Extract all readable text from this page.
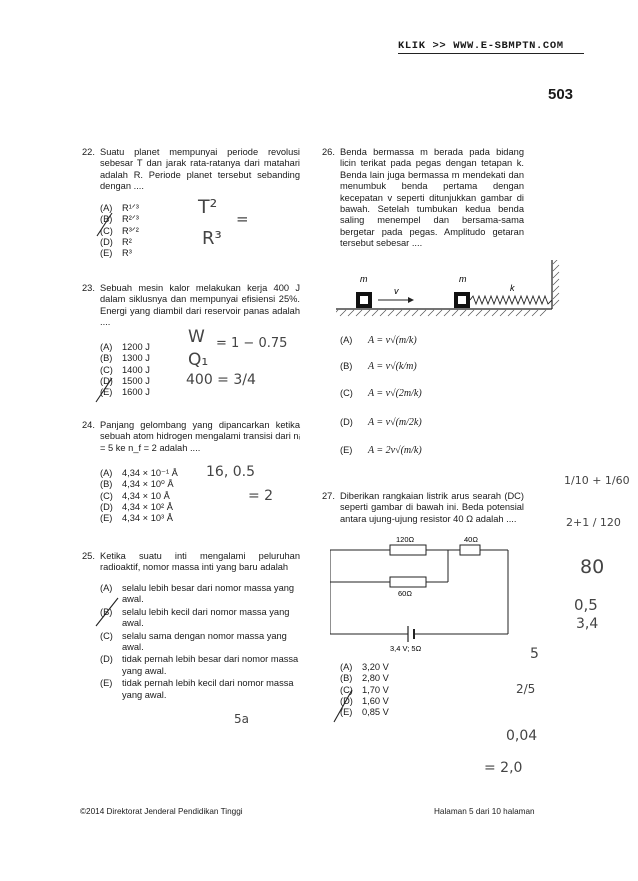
KLIK >> WWW.E-SBMPTN.COM
503
22. Suatu planet mempunyai periode revolusi sebesar T dan jarak rata-ratanya dari matahari adalah R. Periode planet tersebut sebanding dengan ....
(A) R¹ᐟ³
(B) R²ᐟ³
(C) R³ᐟ²
(D) R²
(E) R³
23. Sebuah mesin kalor melakukan kerja 400 J dalam siklusnya dan mempunyai efisiensi 25%. Energi yang diambil dari reservoir panas adalah ....
(A) 1200 J
(B) 1300 J
(C) 1400 J
(D) 1500 J
(E) 1600 J
24. Panjang gelombang yang dipancarkan ketika sebuah atom hidrogen mengalami transisi dari nᵢ = 5 ke n_f = 2 adalah ....
(A) 4,34 × 10⁻¹ Å
(B) 4,34 × 10⁰ Å
(C) 4,34 × 10 Å
(D) 4,34 × 10² Å
(E) 4,34 × 10³ Å
25. Ketika suatu inti mengalami peluruhan radioaktif, nomor massa inti yang baru adalah
(A)	selalu lebih besar dari nomor massa yang awal.
(B)	selalu lebih kecil dari nomor massa yang awal.
(C) selalu sama dengan nomor massa yang awal.
(D) tidak pernah lebih besar dari nomor massa yang awal.
(E)	tidak pernah lebih kecil dari nomor massa yang awal.
26. Benda bermassa m berada pada bidang licin terikat pada pegas dengan tetapan k. Benda lain juga bermassa m mendekati dan menumbuk benda pertama dengan kecepatan v seperti ditunjukkan gambar di bawah. Setelah tumbukan kedua benda saling menempel dan bersama-sama bergetar pada pegas. Amplitudo getaran tersebut sebesar ....
m
v
m
k
(A) A = v√(m/k)
(B) A = v√(k/m)
(C) A = v√(2m/k)
(D) A = v√(m/2k)
(E) A = 2v√(m/k)
27. Diberikan rangkaian listrik arus searah (DC) seperti gambar di bawah ini. Beda potensial antara ujung-ujung resistor 40 Ω adalah ....
120Ω	40Ω
60Ω
3,4 V; 5Ω
(A) 3,20 V
(B) 2,80 V
(C) 1,70 V
(D) 1,60 V
(E) 0,85 V
T²
=
R³
W = 1 − 0.75
Q₁
400 = 3/4
16, 0.5
= 2
5a
1/10 + 1/60
2+1 / 120
80
0,5
3,4
5
2/5
0,04
= 2,0
©2014 Direktorat Jenderal Pendidikan Tinggi	Halaman 5 dari 10 halaman
